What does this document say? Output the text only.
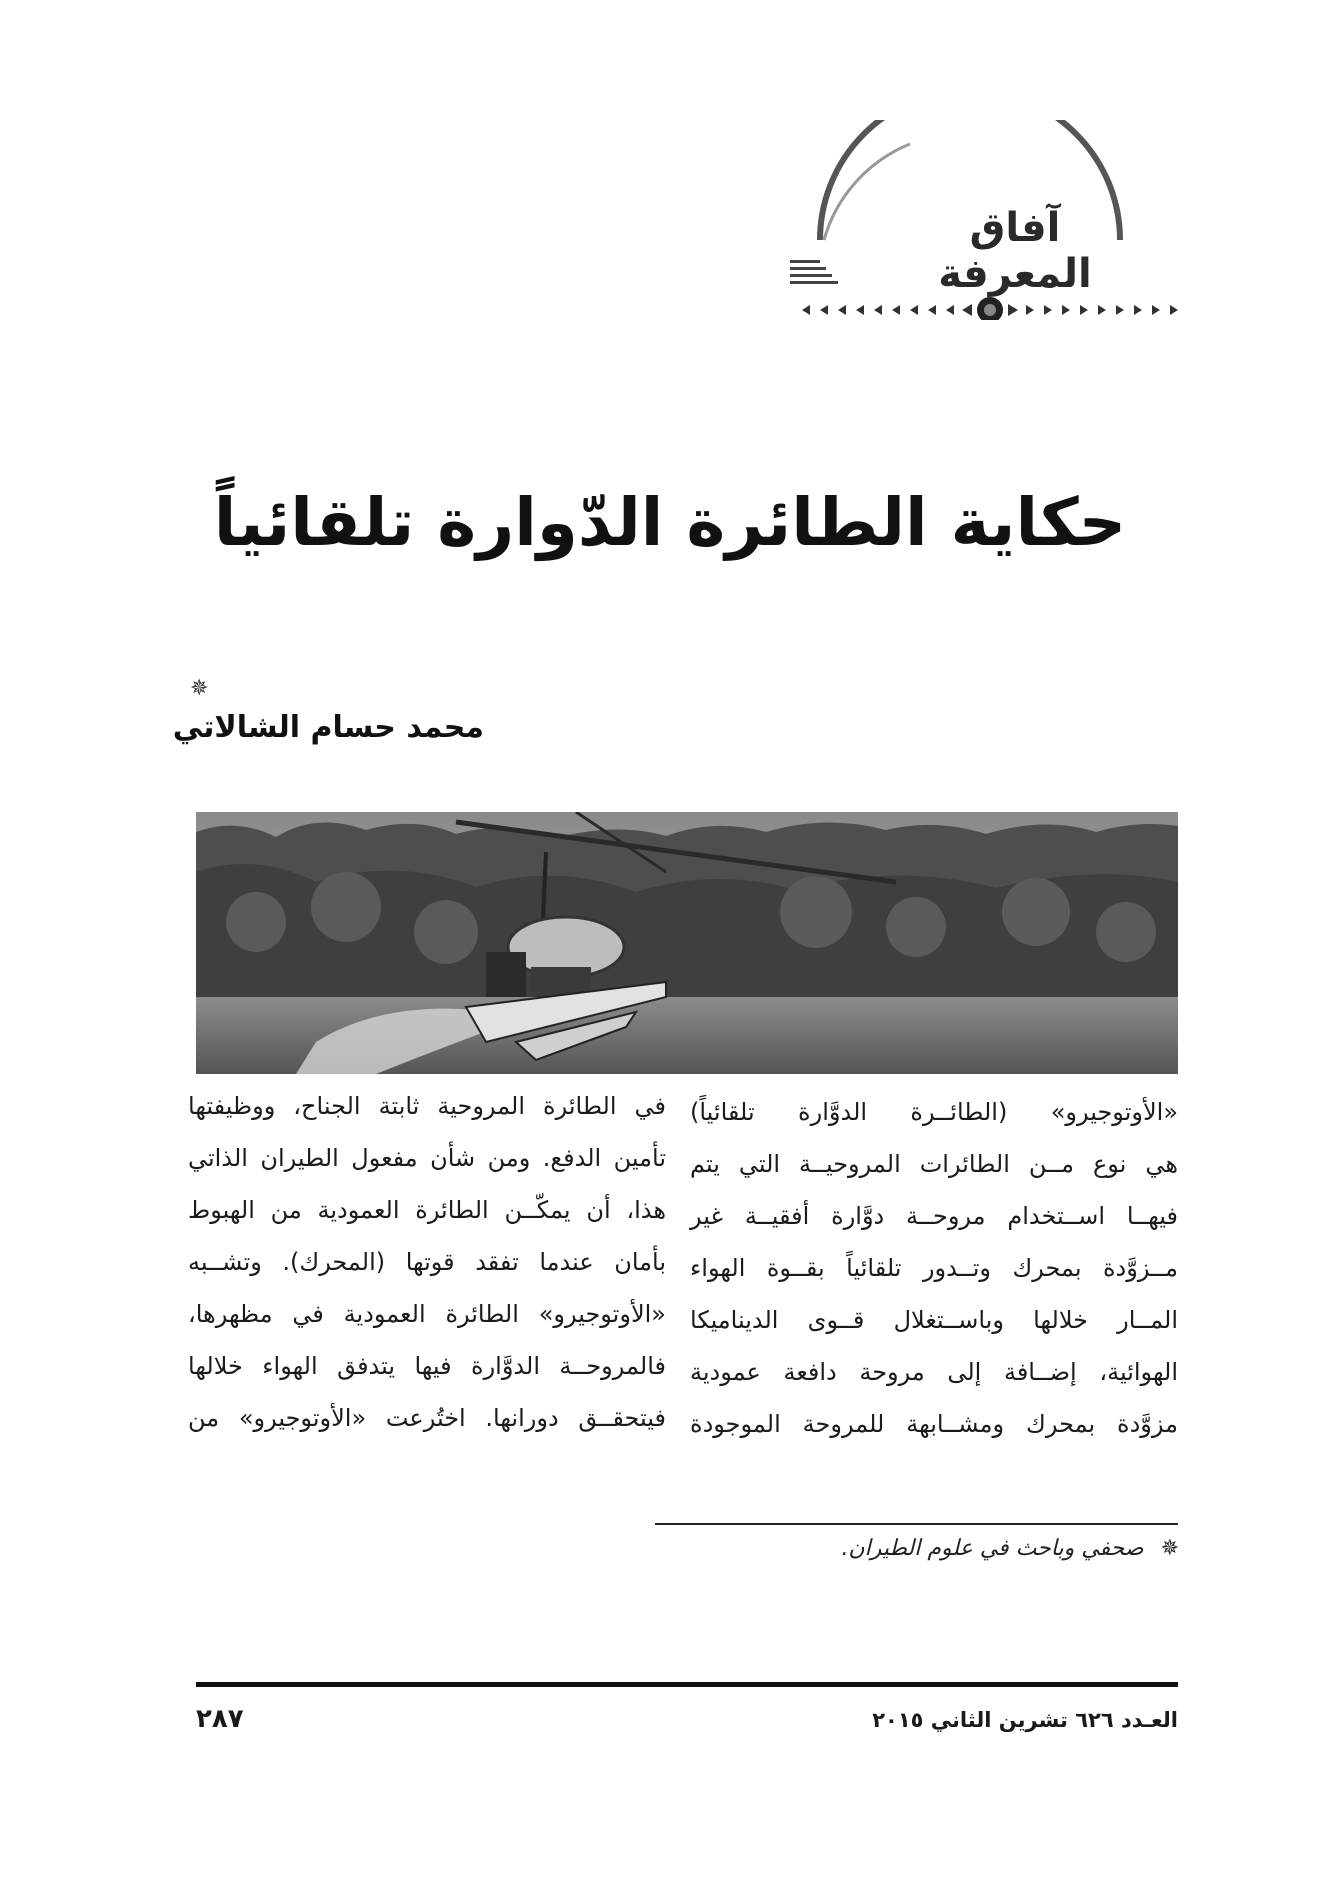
آفاق المعرفة
حكاية الطائرة الدّوارة تلقائياً
✵
محمد حسام الشالاتي

«الأوتوجيرو» (الطائــرة الدوَّارة تلقائياً)

هي نوع مــن الطائرات المروحيــة التي يتم

فيهــا اســتخدام مروحــة دوَّارة أفقيــة غير

مــزوَّدة بمحرك وتــدور تلقائياً بقــوة الهواء

المــار خلالها وباســتغلال قــوى الديناميكا

الهوائية، إضــافة إلى مروحة دافعة عمودية

مزوَّدة بمحرك ومشــابهة للمروحة الموجودة

في الطائرة المروحية ثابتة الجناح، ووظيفتها

تأمين الدفع. ومن شأن مفعول الطيران الذاتي

هذا، أن يمكّــن الطائرة العمودية من الهبوط

بأمان عندما تفقد قوتها (المحرك). وتشــبه

«الأوتوجيرو» الطائرة العمودية في مظهرها،

فالمروحــة الدوَّارة فيها يتدفق الهواء خلالها

فيتحقــق دورانها. اختُرعت «الأوتوجيرو» من

✵ صحفي وباحث في علوم الطيران.
العـدد ٦٢٦ تشرين الثاني ٢٠١٥
٢٨٧
